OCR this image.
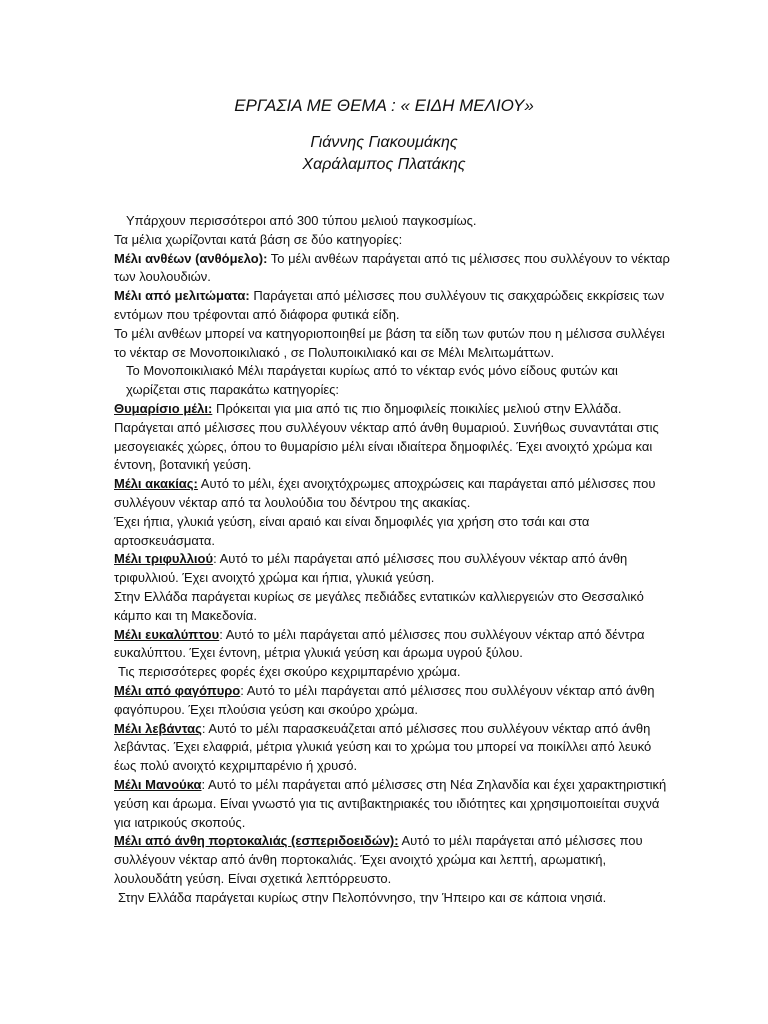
ΕΡΓΑΣΙΑ ΜΕ ΘΕΜΑ : « ΕΙΔΗ ΜΕΛΙΟΥ»

Γιάννης Γιακουμάκης

Χαράλαμπος Πλατάκης

Υπάρχουν περισσότεροι από 300 τύπου μελιού παγκοσμίως.

Τα μέλια χωρίζονται κατά βάση σε δύο κατηγορίες:

Μέλι ανθέων (ανθόμελο): Το μέλι ανθέων παράγεται από τις μέλισσες που συλλέγουν το νέκταρ των λουλουδιών.

Μέλι από μελιτώματα: Παράγεται από μέλισσες που συλλέγουν τις σακχαρώδεις εκκρίσεις των εντόμων που τρέφονται από διάφορα φυτικά είδη.

Το μέλι ανθέων μπορεί να κατηγοριοποιηθεί με βάση τα είδη των φυτών που η μέλισσα συλλέγει το νέκταρ σε Μονοποικιλιακό , σε Πολυποικιλιακό και σε Μέλι Μελιτωμάττων.

Το Μονοποικιλιακό Μέλι παράγεται κυρίως από το νέκταρ ενός μόνο είδους φυτών και χωρίζεται στις παρακάτω κατηγορίες:

Θυμαρίσιο μέλι: Πρόκειται για μια από τις πιο δημοφιλείς ποικιλίες μελιού στην Ελλάδα. Παράγεται από μέλισσες που συλλέγουν νέκταρ από άνθη θυμαριού. Συνήθως συναντάται στις μεσογειακές χώρες, όπου το θυμαρίσιο μέλι είναι ιδιαίτερα δημοφιλές. Έχει ανοιχτό χρώμα και έντονη, βοτανική γεύση.

Μέλι ακακίας: Αυτό το μέλι, έχει ανοιχτόχρωμες αποχρώσεις και παράγεται από μέλισσες που συλλέγουν νέκταρ από τα λουλούδια του δέντρου της ακακίας.

Έχει ήπια, γλυκιά γεύση, είναι αραιό και είναι δημοφιλές για χρήση στο τσάι και στα αρτοσκευάσματα.

Μέλι τριφυλλιού: Αυτό το μέλι παράγεται από μέλισσες που συλλέγουν νέκταρ από άνθη τριφυλλιού. Έχει ανοιχτό χρώμα και ήπια, γλυκιά γεύση.

Στην Ελλάδα παράγεται κυρίως σε μεγάλες πεδιάδες εντατικών καλλιεργειών στο Θεσσαλικό κάμπο και τη Μακεδονία.

Μέλι ευκαλύπτου: Αυτό το μέλι παράγεται από μέλισσες που συλλέγουν νέκταρ από δέντρα ευκαλύπτου. Έχει έντονη, μέτρια γλυκιά γεύση και άρωμα υγρού ξύλου.

Τις περισσότερες φορές έχει σκούρο κεχριμπαρένιο χρώμα.

Μέλι από φαγόπυρο: Αυτό το μέλι παράγεται από μέλισσες που συλλέγουν νέκταρ από άνθη φαγόπυρου. Έχει πλούσια γεύση και σκούρο χρώμα.

Μέλι λεβάντας: Αυτό το μέλι παρασκευάζεται από μέλισσες που συλλέγουν νέκταρ από άνθη λεβάντας. Έχει ελαφριά, μέτρια γλυκιά γεύση και το χρώμα του μπορεί να ποικίλλει από λευκό έως πολύ ανοιχτό κεχριμπαρένιο ή χρυσό.

Μέλι Μανούκα: Αυτό το μέλι παράγεται από μέλισσες στη Νέα Ζηλανδία και έχει χαρακτηριστική γεύση και άρωμα. Είναι γνωστό για τις αντιβακτηριακές του ιδιότητες και χρησιμοποιείται συχνά για ιατρικούς σκοπούς.

Μέλι από άνθη πορτοκαλιάς (εσπεριδοειδών): Αυτό το μέλι παράγεται από μέλισσες που συλλέγουν νέκταρ από άνθη πορτοκαλιάς. Έχει ανοιχτό χρώμα και λεπτή, αρωματική, λουλουδάτη γεύση. Είναι σχετικά λεπτόρρευστο.

Στην Ελλάδα παράγεται κυρίως στην Πελοπόννησο, την Ήπειρο και σε κάποια νησιά.
